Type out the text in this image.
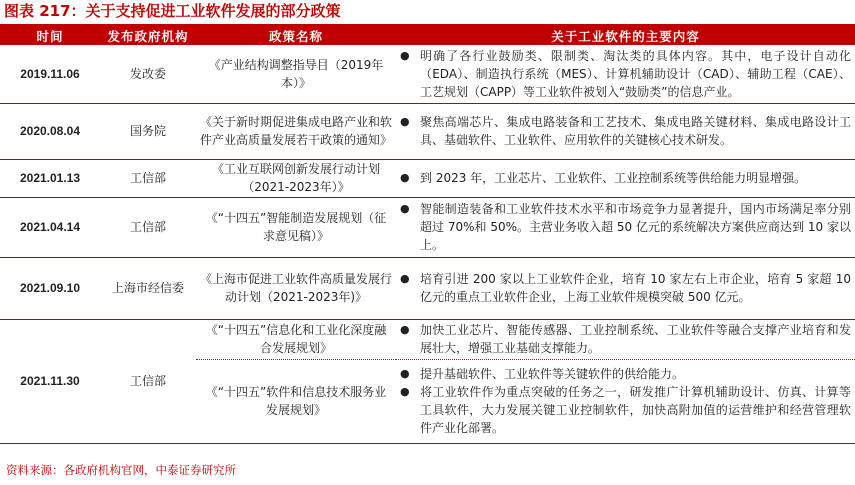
图表 217：关于支持促进工业软件发展的部分政策
时间	发布政府机构	政策名称	关于工业软件的主要内容
2019.11.06	发改委	《产业结构调整指导目（2019年本）》	● 明确了各行业鼓励类、限制类、淘汰类的具体内容。其中，电子设计自动化（EDA）、制造执行系统（MES）、计算机辅助设计（CAD）、辅助工程（CAE）、工艺规划（CAPP）等工业软件被划入“鼓励类”的信息产业。

2020.08.04	国务院	《关于新时期促进集成电路产业和软件产业高质量发展若干政策的通知》	● 聚焦高端芯片、集成电路装备和工艺技术、集成电路关键材料、集成电路设计工具、基础软件、工业软件、应用软件的关键核心技术研发。

2021.01.13	工信部	《工业互联网创新发展行动计划（2021-2023年）》	● 到 2023 年，工业芯片、工业软件、工业控制系统等供给能力明显增强。

2021.04.14	工信部	《“十四五”智能制造发展规划（征求意见稿）》	● 智能制造装备和工业软件技术水平和市场竞争力显著提升，国内市场满足率分别超过 70%和 50%。主营业务收入超 50 亿元的系统解决方案供应商达到 10 家以上。

2021.09.10	上海市经信委	《上海市促进工业软件高质量发展行动计划（2021-2023年)》	● 培育引进 200 家以上工业软件企业，培育 10 家左右上市企业，培育 5 家超 10 亿元的重点工业软件企业，上海工业软件规模突破 500 亿元。

2021.11.30	工信部	《“十四五”信息化和工业化深度融合发展规划》	● 加快工业芯片、智能传感器、工业控制系统、工业软件等融合支撑产业培育和发展壮大，增强工业基础支撑能力。

		《“十四五”软件和信息技术服务业发展规划》	● 提升基础软件、工业软件等关键软件的供给能力。
● 将工业软件作为重点突破的任务之一，研发推广计算机辅助设计、仿真、计算等工具软件，大力发展关键工业控制软件，加快高附加值的运营维护和经营管理软件产业化部署。
资料来源：各政府机构官网，中泰证券研究所
